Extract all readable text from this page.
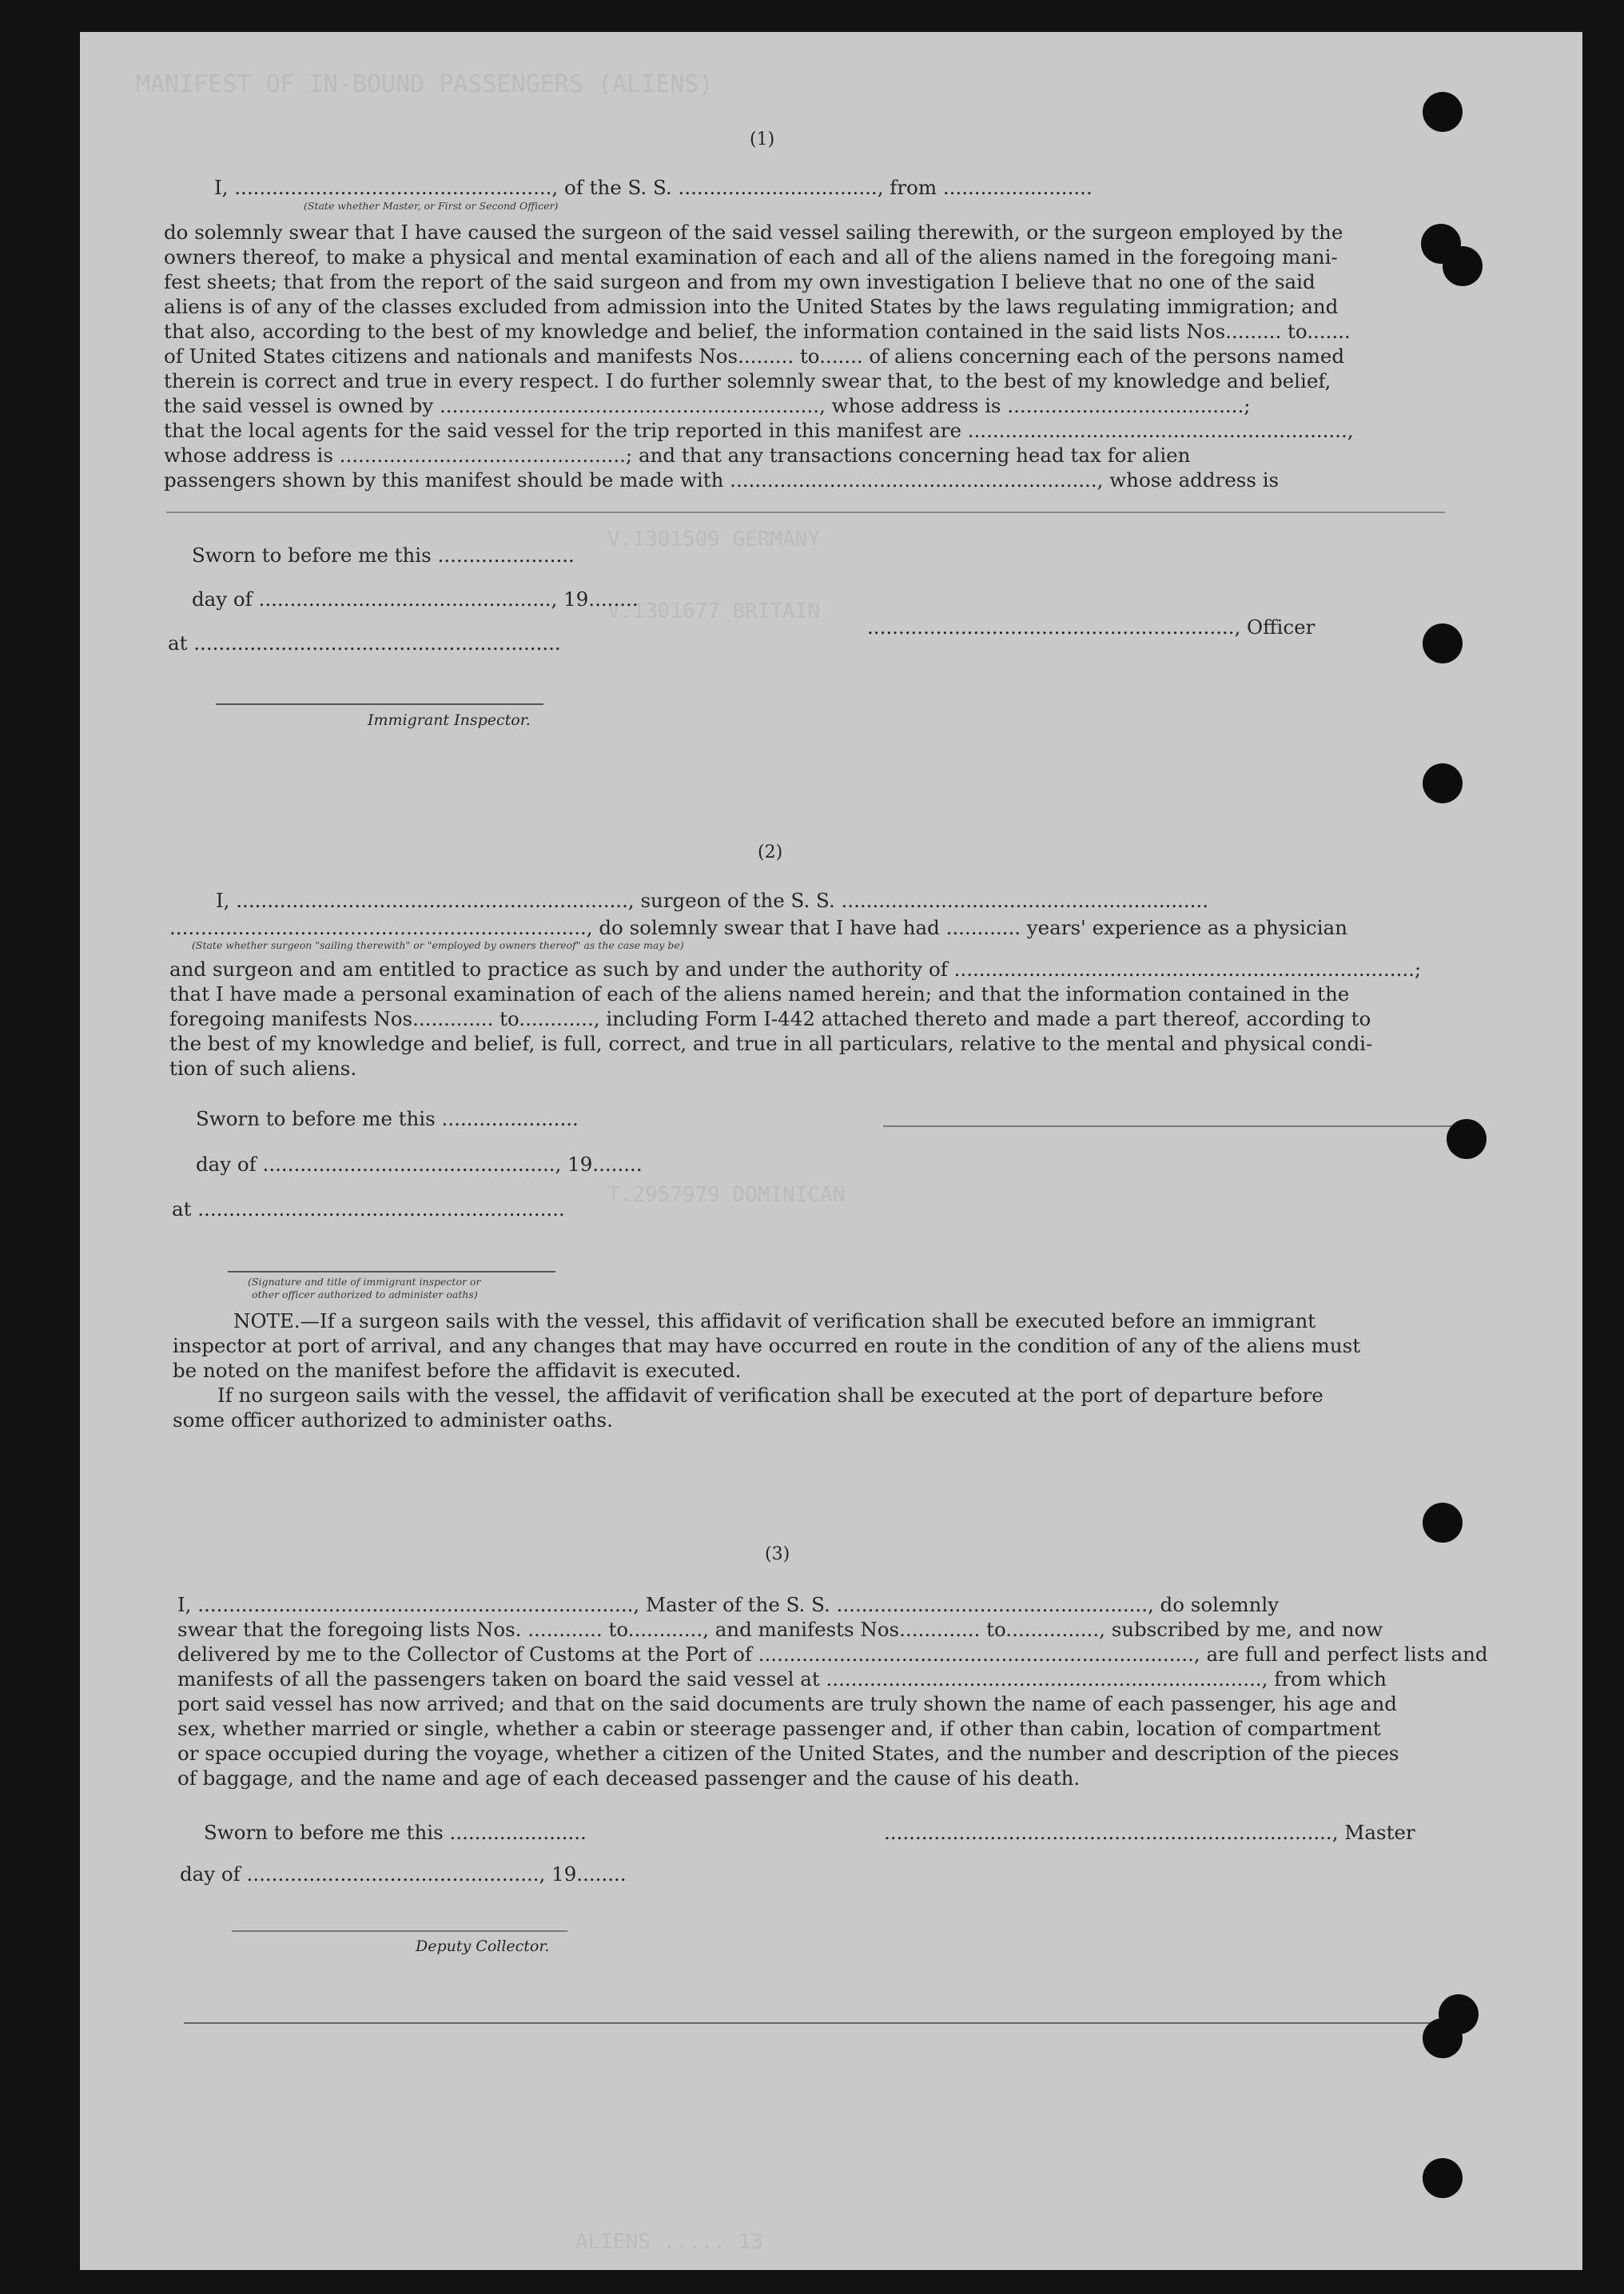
MANIFEST OF IN-BOUND PASSENGERS (ALIENS)
V.1301509 GERMANY
V.1301677 BRITAIN
T.2957979 DOMINICAN
ALIENS ..... 13
(1)
I, ..................................................., of the S. S. ................................, from ........................
(State whether Master, or First or Second Officer)
do solemnly swear that I have caused the surgeon of the said vessel sailing therewith, or the surgeon employed by the
owners thereof, to make a physical and mental examination of each and all of the aliens named in the foregoing mani-
fest sheets; that from the report of the said surgeon and from my own investigation I believe that no one of the said
aliens is of any of the classes excluded from admission into the United States by the laws regulating immigration; and
that also, according to the best of my knowledge and belief, the information contained in the said lists Nos......... to.......
of United States citizens and nationals and manifests Nos......... to....... of aliens concerning each of the persons named
therein is correct and true in every respect. I do further solemnly swear that, to the best of my knowledge and belief,
the said vessel is owned by ............................................................., whose address is ......................................;
that the local agents for the said vessel for the trip reported in this manifest are .............................................................,
whose address is ..............................................; and that any transactions concerning head tax for alien
passengers shown by this manifest should be made with ..........................................................., whose address is
Sworn to before me this ......................
day of ..............................................., 19........
at ...........................................................
..........................................................., Officer
Immigrant Inspector.
(2)
I, ..............................................................., surgeon of the S. S. ...........................................................
..................................................................., do solemnly swear that I have had ............ years' experience as a physician
(State whether surgeon "sailing therewith" or "employed by owners thereof" as the case may be)
and surgeon and am entitled to practice as such by and under the authority of ..........................................................................;
that I have made a personal examination of each of the aliens named herein; and that the information contained in the
foregoing manifests Nos............. to............, including Form I-442 attached thereto and made a part thereof, according to
the best of my knowledge and belief, is full, correct, and true in all particulars, relative to the mental and physical condi-
tion of such aliens.
Sworn to before me this ......................
day of ..............................................., 19........
at ...........................................................
(Signature and title of immigrant inspector or
other officer authorized to administer oaths)
NOTE.—If a surgeon sails with the vessel, this affidavit of verification shall be executed before an immigrant
inspector at port of arrival, and any changes that may have occurred en route in the condition of any of the aliens must
be noted on the manifest before the affidavit is executed.
If no surgeon sails with the vessel, the affidavit of verification shall be executed at the port of departure before
some officer authorized to administer oaths.
(3)
I, ......................................................................, Master of the S. S. .................................................., do solemnly
swear that the foregoing lists Nos. ............ to............, and manifests Nos............. to..............., subscribed by me, and now
delivered by me to the Collector of Customs at the Port of ......................................................................, are full and perfect lists and
manifests of all the passengers taken on board the said vessel at ......................................................................, from which
port said vessel has now arrived; and that on the said documents are truly shown the name of each passenger, his age and
sex, whether married or single, whether a cabin or steerage passenger and, if other than cabin, location of compartment
or space occupied during the voyage, whether a citizen of the United States, and the number and description of the pieces
of baggage, and the name and age of each deceased passenger and the cause of his death.
Sworn to before me this ......................	........................................................................, Master
day of ..............................................., 19........
Deputy Collector.
